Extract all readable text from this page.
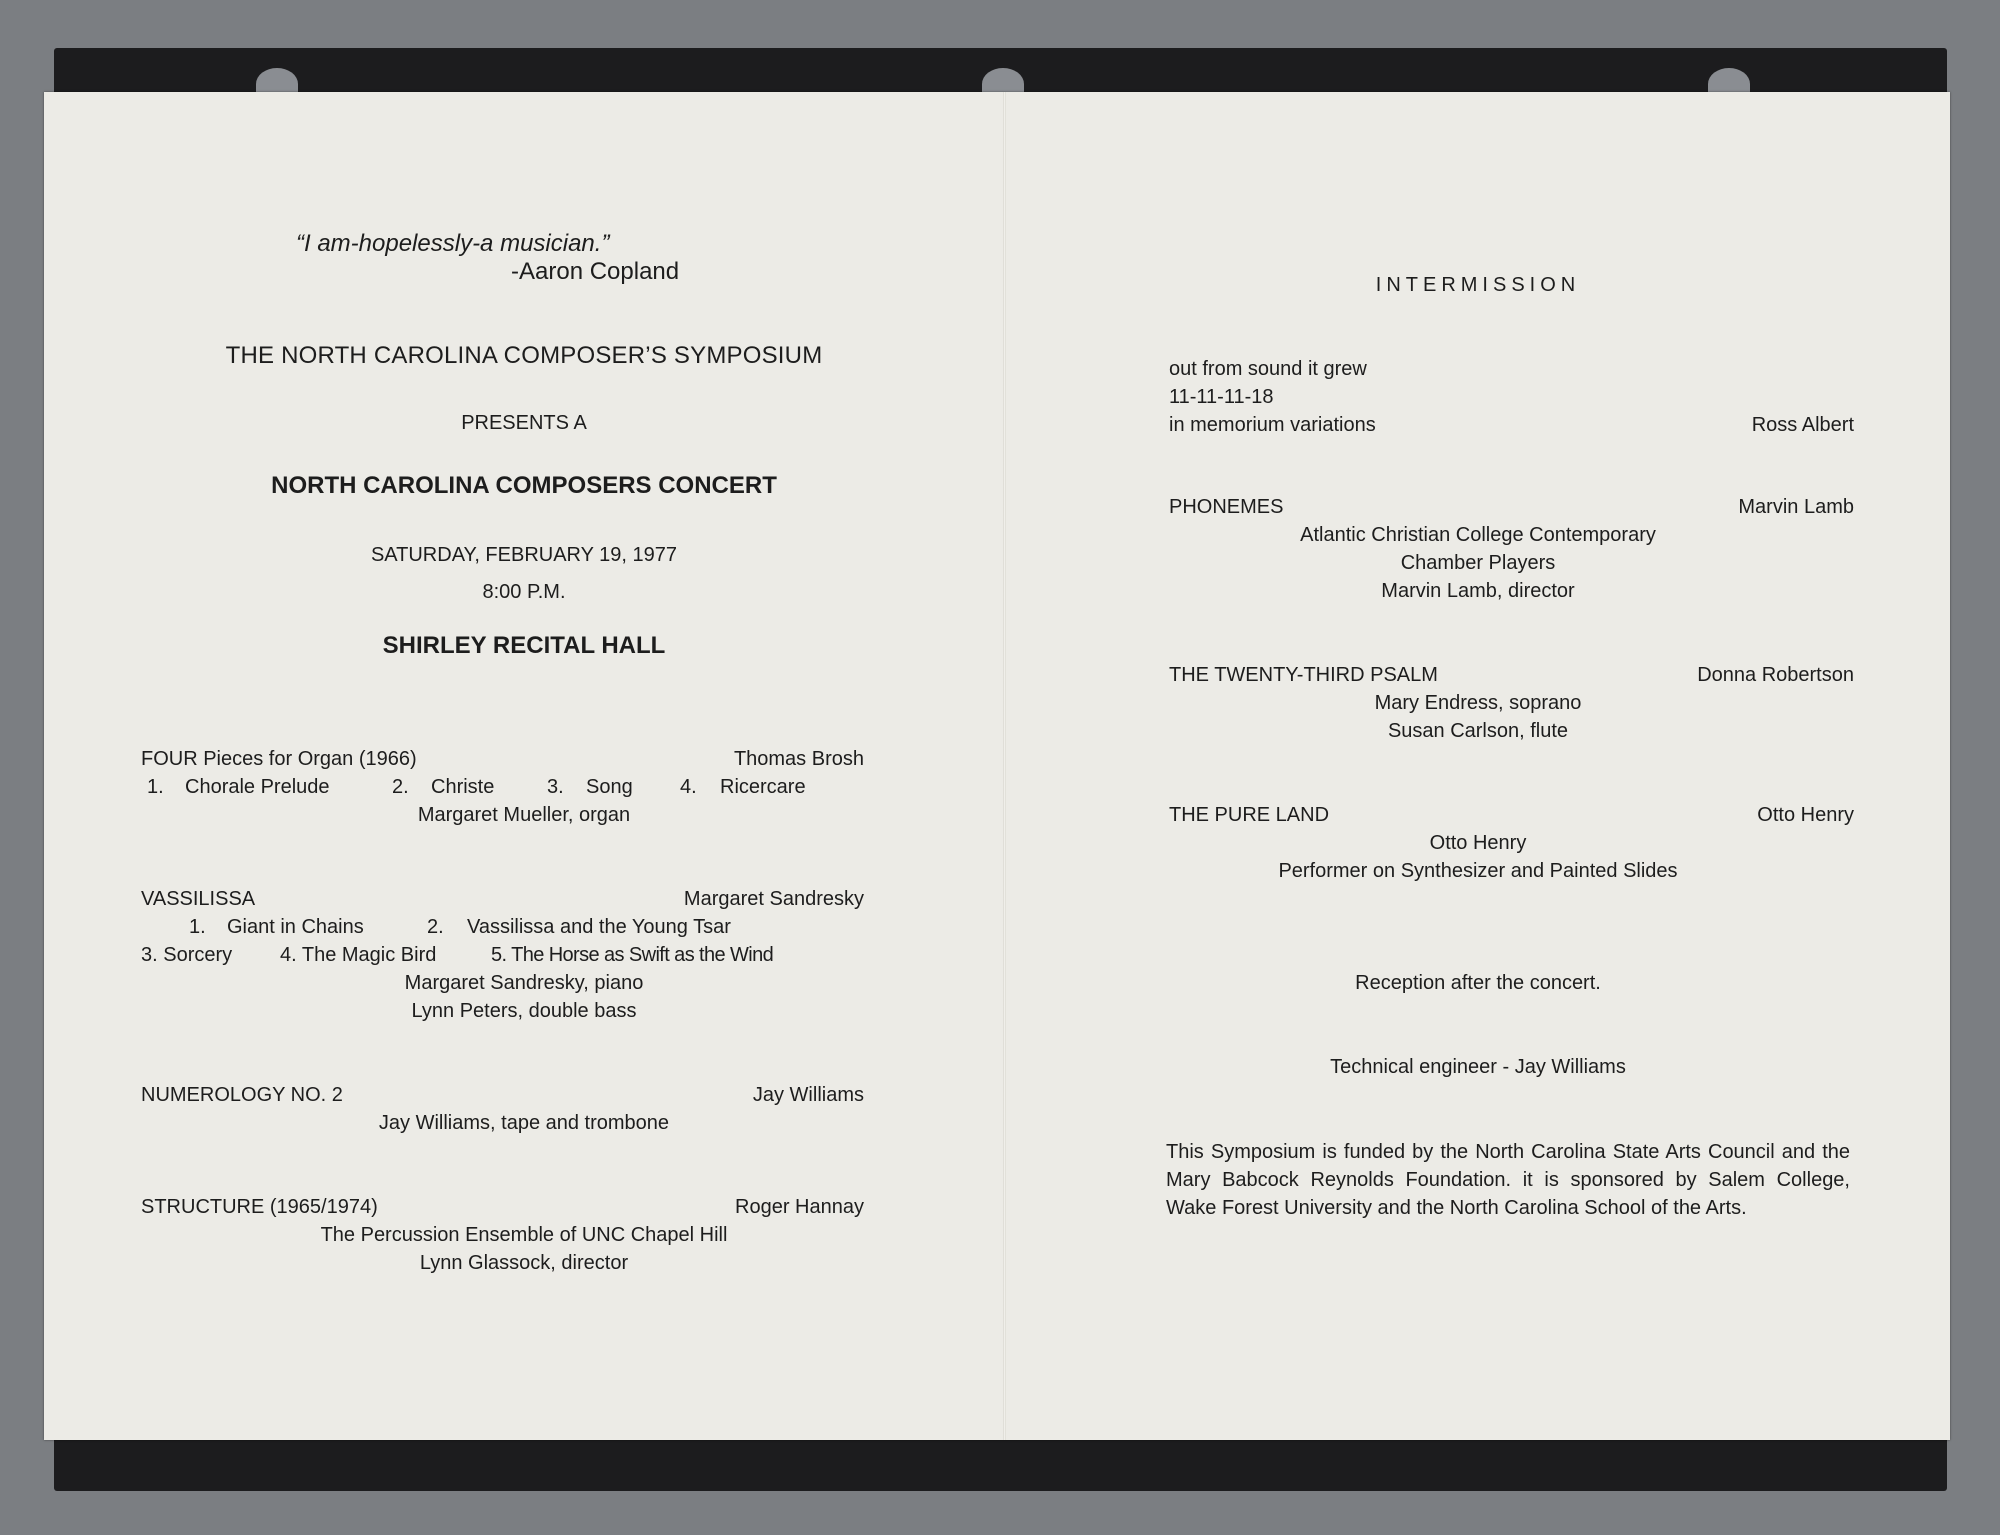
“I am-hopelessly-a musician.”
-Aaron Copland
THE NORTH CAROLINA COMPOSER’S SYMPOSIUM
PRESENTS A
NORTH CAROLINA COMPOSERS CONCERT
SATURDAY, FEBRUARY 19, 1977
8:00 P.M.
SHIRLEY RECITAL HALL
FOUR Pieces for Organ (1966)	Thomas Brosh
1. Chorale Prelude	2. Christe	3. Song 4. Ricercare
Margaret Mueller, organ
VASSILISSA	Margaret Sandresky
1. Giant in Chains	2. Vassilissa and the Young Tsar
3. Sorcery 4. The Magic Bird	5. The Horse as Swift as the Wind
Margaret Sandresky, piano
Lynn Peters, double bass
NUMEROLOGY NO. 2	Jay Williams
Jay Williams, tape and trombone
STRUCTURE (1965/1974)	Roger Hannay
The Percussion Ensemble of UNC Chapel Hill
Lynn Glassock, director
INTERMISSION
out from sound it grew
11-11-11-18
in memorium variations	Ross Albert
PHONEMES	Marvin Lamb
Atlantic Christian College Contemporary
Chamber Players
Marvin Lamb, director
THE TWENTY-THIRD PSALM	Donna Robertson
Mary Endress, soprano
Susan Carlson, flute
THE PURE LAND	Otto Henry
Otto Henry
Performer on Synthesizer and Painted Slides
Reception after the concert.
Technical engineer - Jay Williams
This Symposium is funded by the North Carolina State Arts Council and the Mary Babcock Reynolds Foundation. it is sponsored by Salem College, Wake Forest University and the North Carolina School of the Arts.
